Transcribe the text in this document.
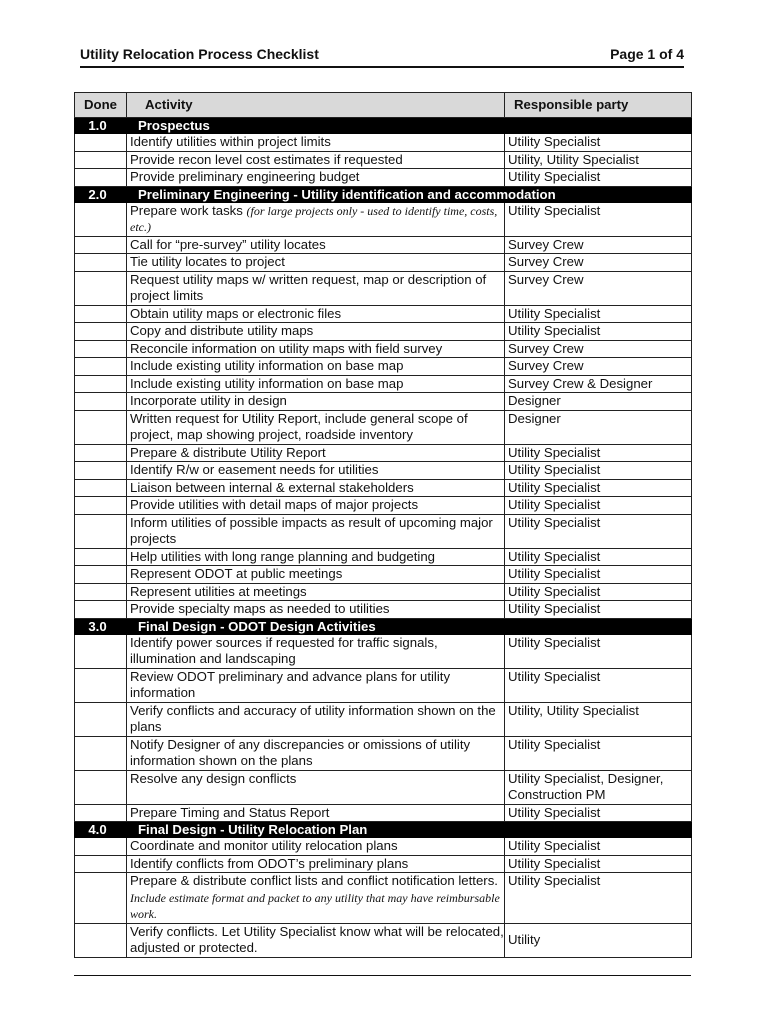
Utility Relocation Process Checklist	Page 1 of 4
Done	Activity	Responsible party
1.0	Prospectus	
	Identify utilities within project limits	Utility Specialist
	Provide recon level cost estimates if requested	Utility, Utility Specialist
	Provide preliminary engineering budget	Utility Specialist
2.0	Preliminary Engineering - Utility identification and accommodation	
	Prepare work tasks (for large projects only - used to identify time, costs, etc.)	Utility Specialist
	Call for “pre-survey” utility locates	Survey Crew
	Tie utility locates to project	Survey Crew
	Request utility maps w/ written request, map or description of project limits	Survey Crew
	Obtain utility maps or electronic files	Utility Specialist
	Copy and distribute utility maps	Utility Specialist
	Reconcile information on utility maps with field survey	Survey Crew
	Include existing utility information on base map	Survey Crew
	Include existing utility information on base map	Survey Crew & Designer
	Incorporate utility in design	Designer
	Written request for Utility Report, include general scope of project, map showing project, roadside inventory	Designer
	Prepare & distribute Utility Report	Utility Specialist
	Identify R/w or easement needs for utilities	Utility Specialist
	Liaison between internal & external stakeholders	Utility Specialist
	Provide utilities with detail maps of major projects	Utility Specialist
	Inform utilities of possible impacts as result of upcoming major projects	Utility Specialist
	Help utilities with long range planning and budgeting	Utility Specialist
	Represent ODOT at public meetings	Utility Specialist
	Represent utilities at meetings	Utility Specialist
	Provide specialty maps as needed to utilities	Utility Specialist
3.0	Final Design - ODOT Design Activities	
	Identify power sources if requested for traffic signals, illumination and landscaping	Utility Specialist
	Review ODOT preliminary and advance plans for utility information	Utility Specialist
	Verify conflicts and accuracy of utility information shown on the plans	Utility, Utility Specialist
	Notify Designer of any discrepancies or omissions of utility information shown on the plans	Utility Specialist
	Resolve any design conflicts	Utility Specialist, Designer, Construction PM
	Prepare Timing and Status Report	Utility Specialist
4.0	Final Design - Utility Relocation Plan	
	Coordinate and monitor utility relocation plans	Utility Specialist
	Identify conflicts from ODOT’s preliminary plans	Utility Specialist
	Prepare & distribute conflict lists and conflict notification letters. Include estimate format and packet to any utility that may have reimbursable work.	Utility Specialist
	Verify conflicts. Let Utility Specialist know what will be relocated, adjusted or protected.	Utility
